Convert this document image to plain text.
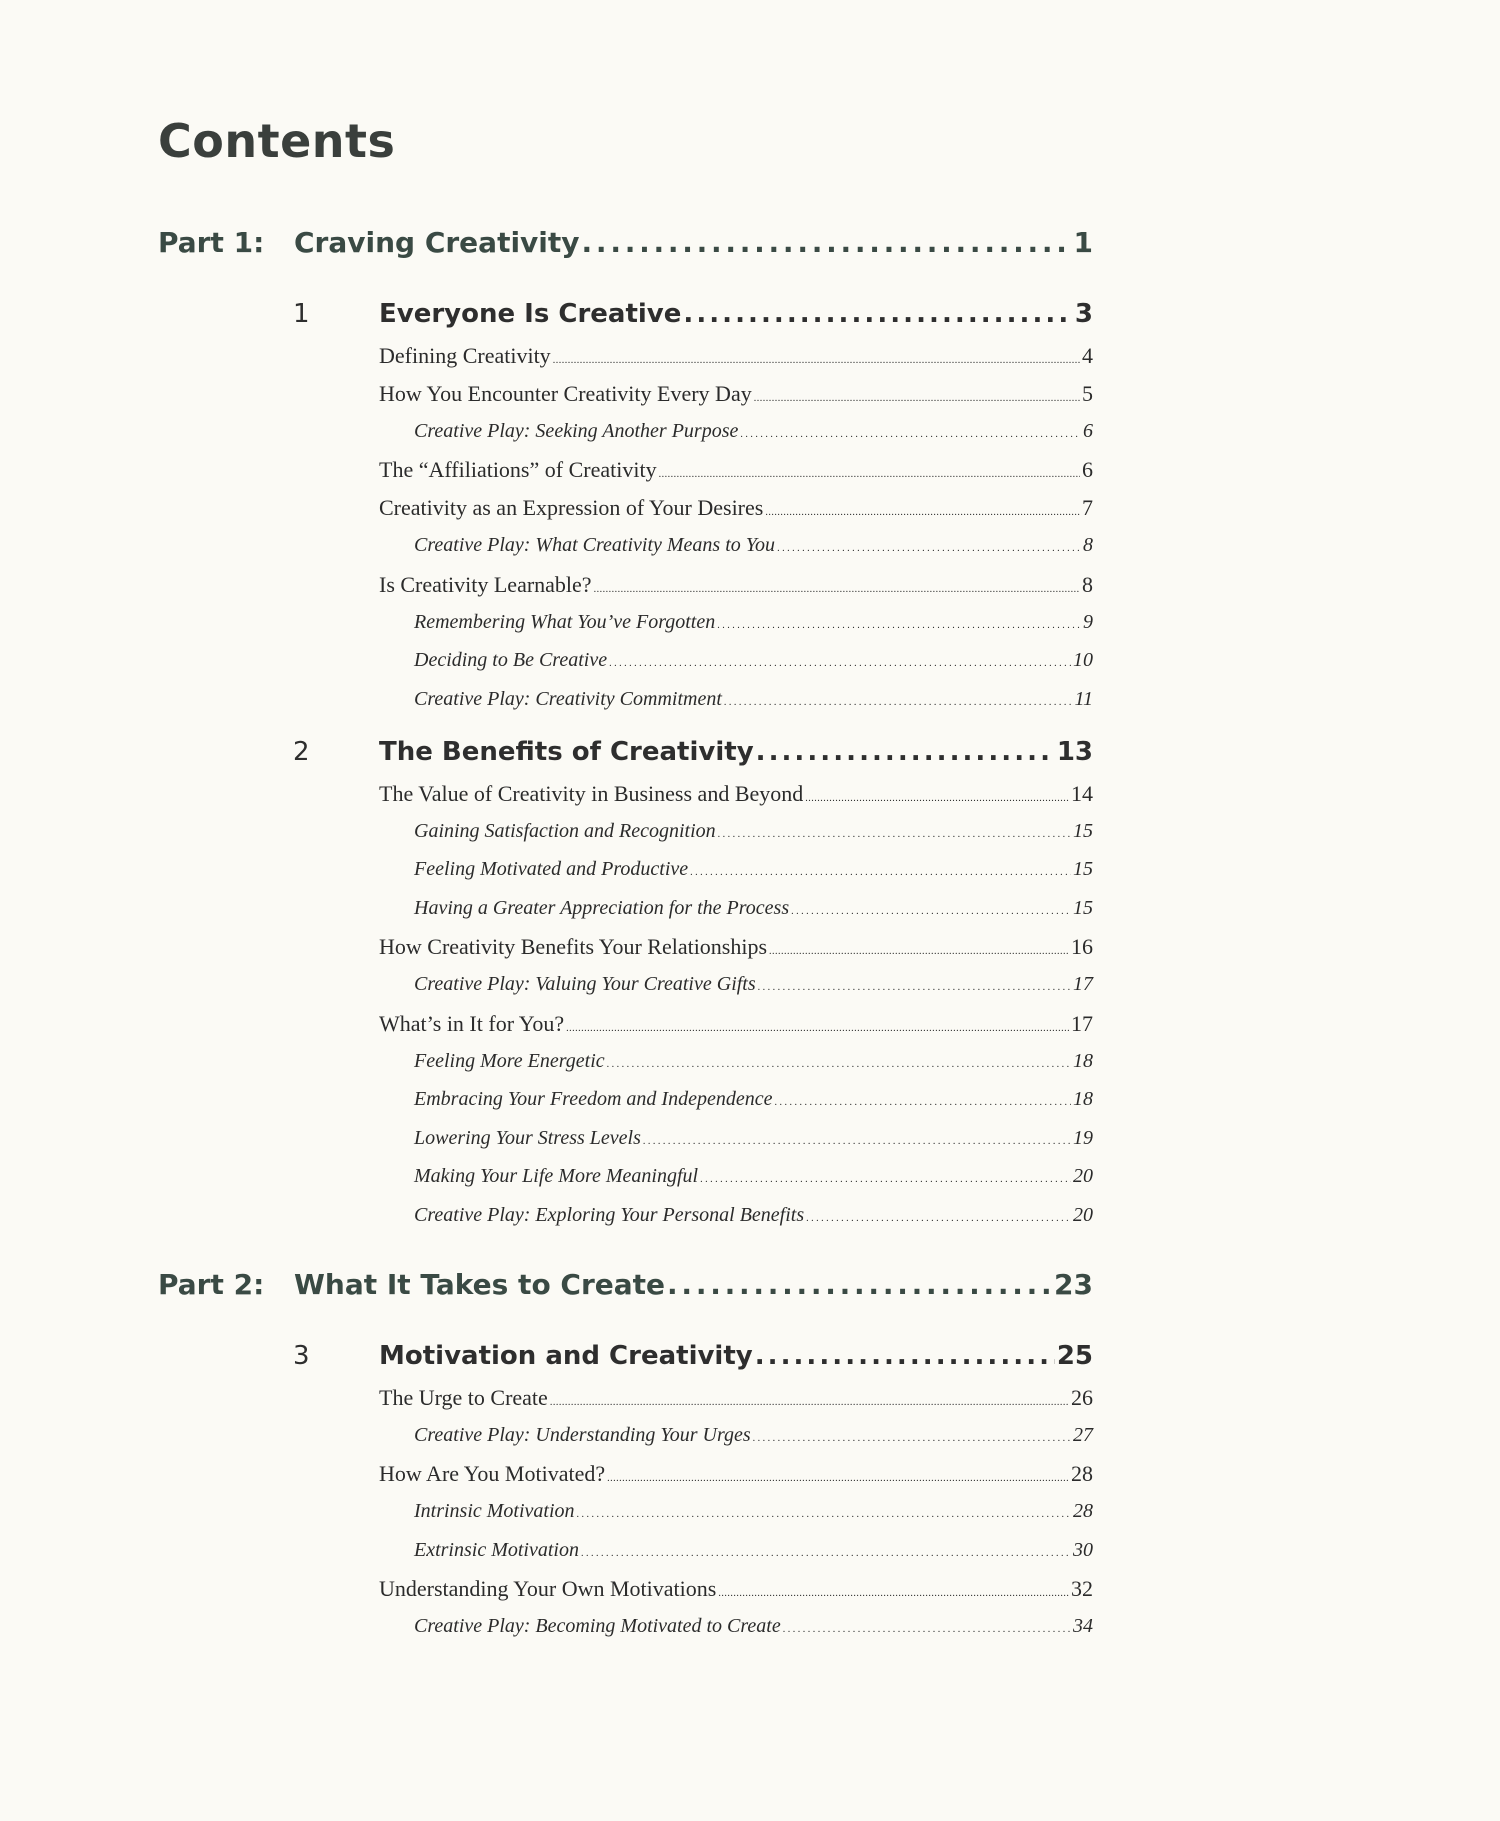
Contents
Part 1:	Craving Creativity . . .	1
1	Everyone Is Creative . . .	3
Defining Creativity . . .	4
How You Encounter Creativity Every Day . . .	5
Creative Play: Seeking Another Purpose . . .	6
The “Affiliations” of Creativity . . .	6
Creativity as an Expression of Your Desires . . .	7
Creative Play: What Creativity Means to You . . .	8
Is Creativity Learnable? . . .	8
Remembering What You’ve Forgotten . . .	9
Deciding to Be Creative . . .	10
Creative Play: Creativity Commitment . . .	11
2	The Benefits of Creativity . . .	13
The Value of Creativity in Business and Beyond . . .	14
Gaining Satisfaction and Recognition . . .	15
Feeling Motivated and Productive . . .	15
Having a Greater Appreciation for the Process . . .	15
How Creativity Benefits Your Relationships . . .	16
Creative Play: Valuing Your Creative Gifts . . .	17
What’s in It for You? . . .	17
Feeling More Energetic . . .	18
Embracing Your Freedom and Independence . . .	18
Lowering Your Stress Levels . . .	19
Making Your Life More Meaningful . . .	20
Creative Play: Exploring Your Personal Benefits . . .	20
Part 2:	What It Takes to Create . . .	23
3	Motivation and Creativity . . .	25
The Urge to Create . . .	26
Creative Play: Understanding Your Urges . . .	27
How Are You Motivated? . . .	28
Intrinsic Motivation . . .	28
Extrinsic Motivation . . .	30
Understanding Your Own Motivations . . .	32
Creative Play: Becoming Motivated to Create . . .	34
